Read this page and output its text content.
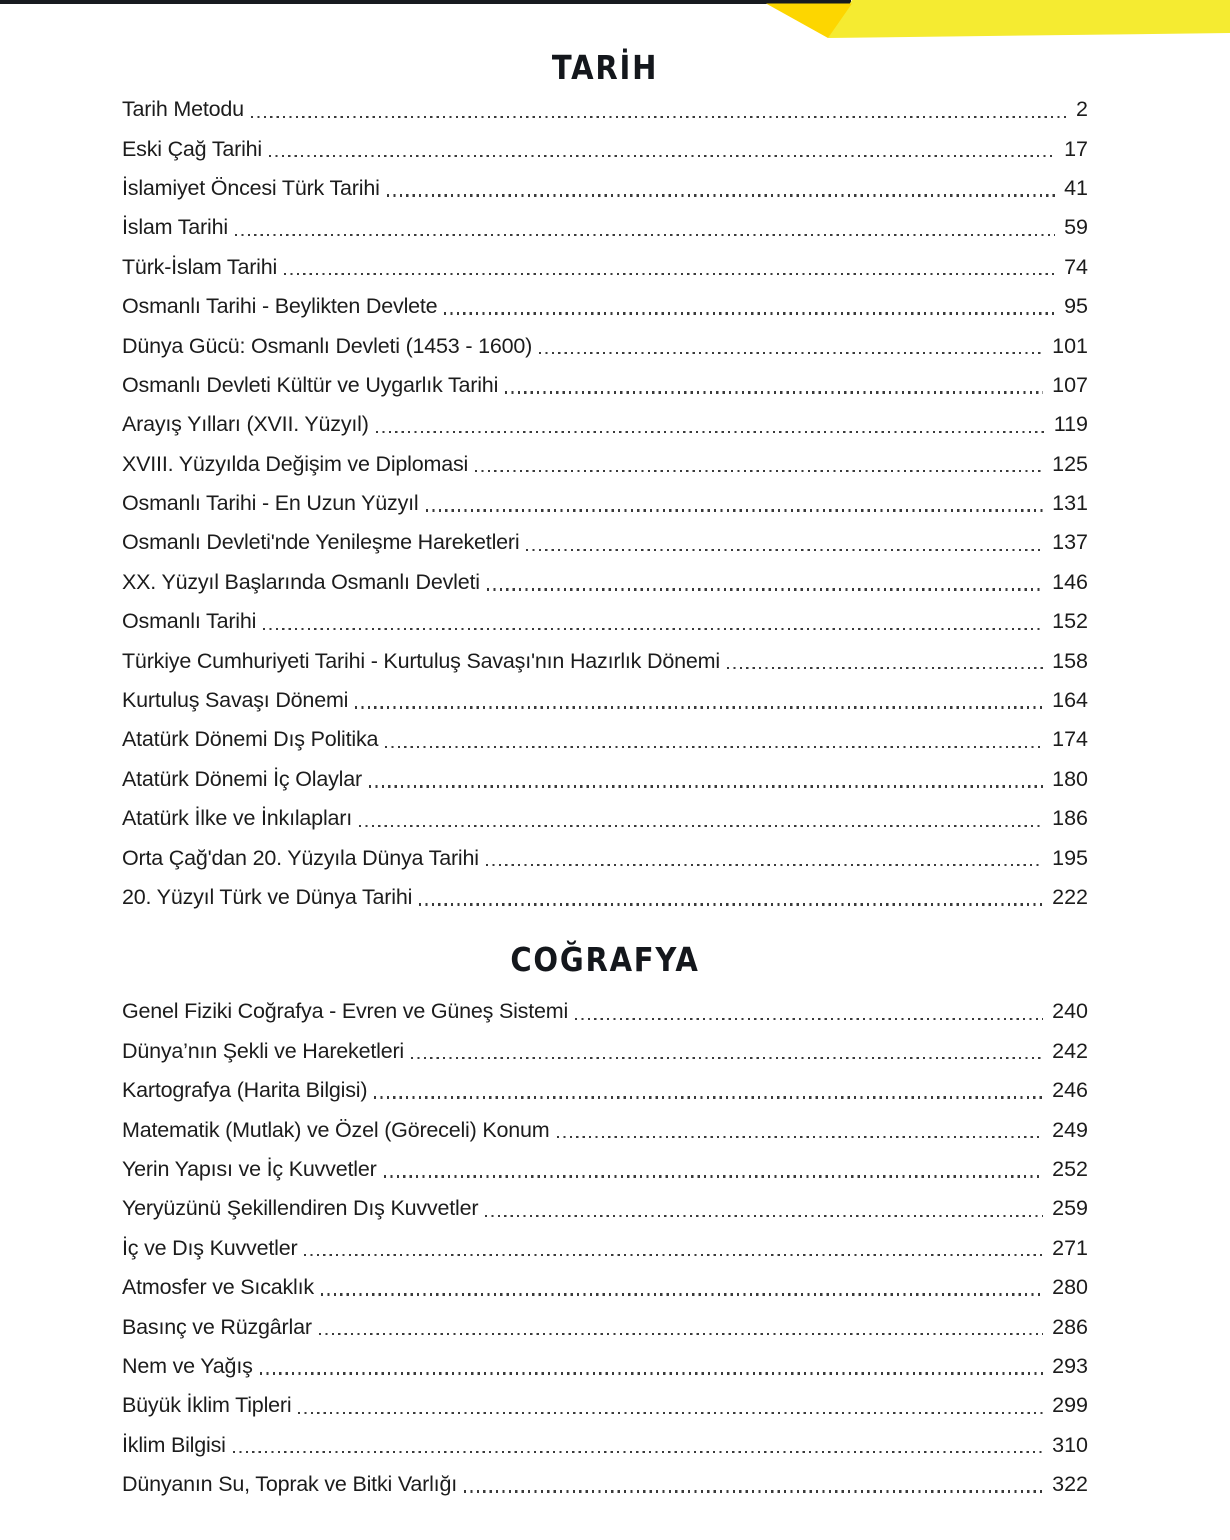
TARİH
Tarih Metodu	2
Eski Çağ Tarihi	17
İslamiyet Öncesi Türk Tarihi	41
İslam Tarihi	59
Türk-İslam Tarihi	74
Osmanlı Tarihi - Beylikten Devlete	95
Dünya Gücü: Osmanlı Devleti (1453 - 1600)	101
Osmanlı Devleti Kültür ve Uygarlık Tarihi	107
Arayış Yılları (XVII. Yüzyıl)	119
XVIII. Yüzyılda Değişim ve Diplomasi	125
Osmanlı Tarihi - En Uzun Yüzyıl	131
Osmanlı Devleti'nde Yenileşme Hareketleri	137
XX. Yüzyıl Başlarında Osmanlı Devleti	146
Osmanlı Tarihi	152
Türkiye Cumhuriyeti Tarihi - Kurtuluş Savaşı'nın Hazırlık Dönemi	158
Kurtuluş Savaşı Dönemi	164
Atatürk Dönemi Dış Politika	174
Atatürk Dönemi İç Olaylar	180
Atatürk İlke ve İnkılapları	186
Orta Çağ'dan 20. Yüzyıla Dünya Tarihi	195
20. Yüzyıl Türk ve Dünya Tarihi	222
COĞRAFYA
Genel Fiziki Coğrafya - Evren ve Güneş Sistemi	240
Dünya’nın Şekli ve Hareketleri	242
Kartografya (Harita Bilgisi)	246
Matematik (Mutlak) ve Özel (Göreceli) Konum	249
Yerin Yapısı ve İç Kuvvetler	252
Yeryüzünü Şekillendiren Dış Kuvvetler	259
İç ve Dış Kuvvetler	271
Atmosfer ve Sıcaklık	280
Basınç ve Rüzgârlar	286
Nem ve Yağış	293
Büyük İklim Tipleri	299
İklim Bilgisi	310
Dünyanın Su, Toprak ve Bitki Varlığı	322
